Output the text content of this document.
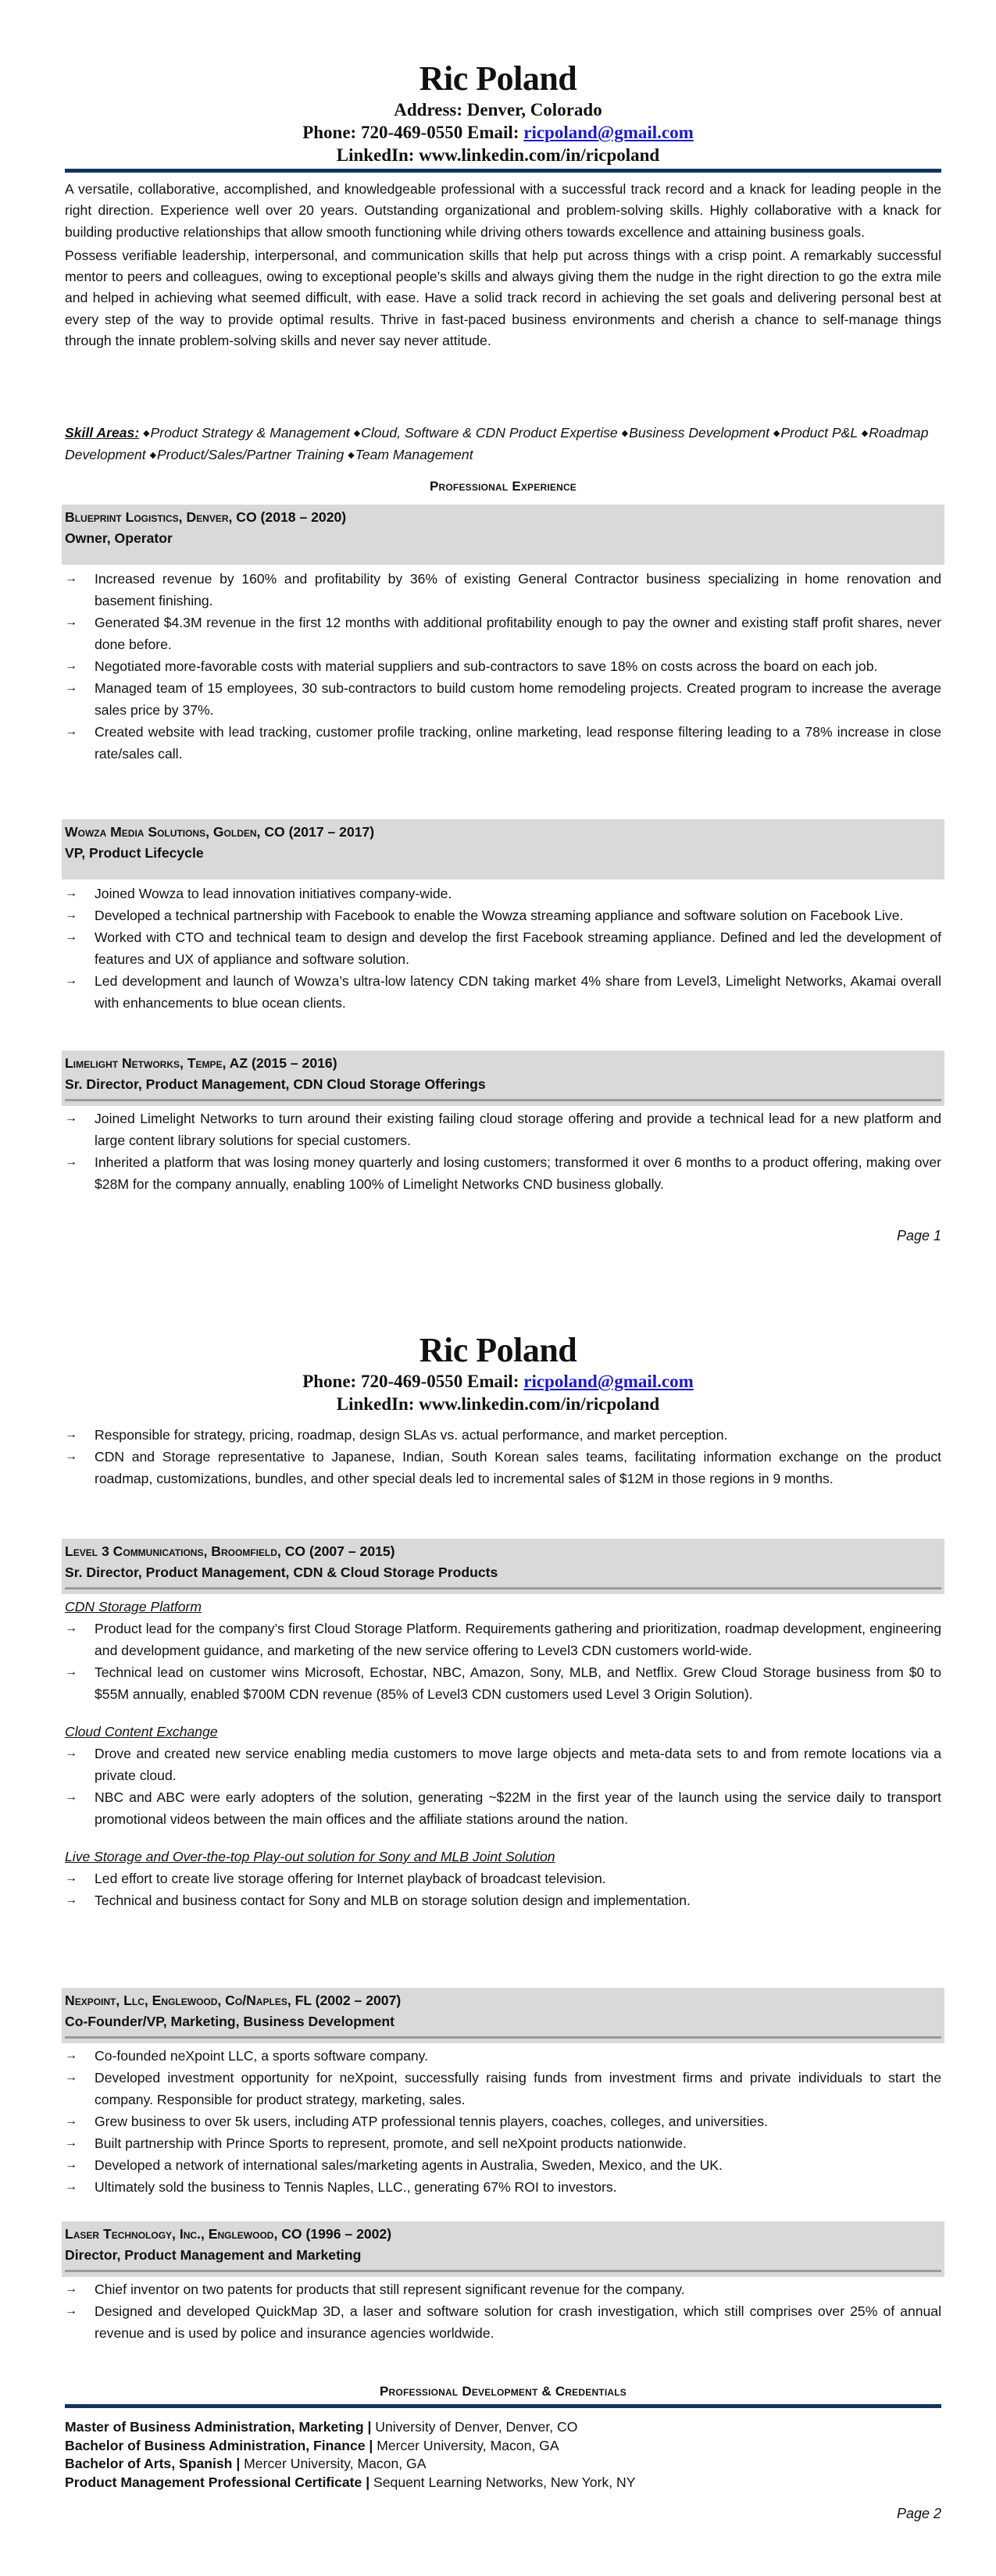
Ric Poland
Address: Denver, Colorado
Phone: 720-469-0550 Email: ricpoland@gmail.com
LinkedIn: www.linkedin.com/in/ricpoland

A versatile, collaborative, accomplished, and knowledgeable professional with a successful track record and a knack for leading people in the right direction. Experience well over 20 years. Outstanding organizational and problem-solving skills. Highly collaborative with a knack for building productive relationships that allow smooth functioning while driving others towards excellence and attaining business goals.

Possess verifiable leadership, interpersonal, and communication skills that help put across things with a crisp point. A remarkably successful mentor to peers and colleagues, owing to exceptional people’s skills and always giving them the nudge in the right direction to go the extra mile and helped in achieving what seemed difficult, with ease. Have a solid track record in achieving the set goals and delivering personal best at every step of the way to provide optimal results. Thrive in fast-paced business environments and cherish a chance to self-manage things through the innate problem-solving skills and never say never attitude.

Skill Areas: ◆Product Strategy & Management ◆Cloud, Software & CDN Product Expertise ◆Business Development ◆Product P&L ◆Roadmap Development ◆Product/Sales/Partner Training ◆Team Management
Professional Experience
Blueprint Logistics, Denver, CO (2018 – 2020)
Owner, Operator
→ Increased revenue by 160% and profitability by 36% of existing General Contractor business specializing in home renovation and basement finishing.
→ Generated $4.3M revenue in the first 12 months with additional profitability enough to pay the owner and existing staff profit shares, never done before.
→ Negotiated more-favorable costs with material suppliers and sub-contractors to save 18% on costs across the board on each job.
→ Managed team of 15 employees, 30 sub-contractors to build custom home remodeling projects. Created program to increase the average sales price by 37%.
→ Created website with lead tracking, customer profile tracking, online marketing, lead response filtering leading to a 78% increase in close rate/sales call.
Wowza Media Solutions, Golden, CO (2017 – 2017)
VP, Product Lifecycle
→ Joined Wowza to lead innovation initiatives company-wide.
→ Developed a technical partnership with Facebook to enable the Wowza streaming appliance and software solution on Facebook Live.
→ Worked with CTO and technical team to design and develop the first Facebook streaming appliance. Defined and led the development of features and UX of appliance and software solution.
→ Led development and launch of Wowza’s ultra-low latency CDN taking market 4% share from Level3, Limelight Networks, Akamai overall with enhancements to blue ocean clients.
Limelight Networks, Tempe, AZ (2015 – 2016)
Sr. Director, Product Management, CDN Cloud Storage Offerings
→ Joined Limelight Networks to turn around their existing failing cloud storage offering and provide a technical lead for a new platform and large content library solutions for special customers.
→ Inherited a platform that was losing money quarterly and losing customers; transformed it over 6 months to a product offering, making over $28M for the company annually, enabling 100% of Limelight Networks CND business globally.
Page 1
Ric Poland
Phone: 720-469-0550 Email: ricpoland@gmail.com
LinkedIn: www.linkedin.com/in/ricpoland
→ Responsible for strategy, pricing, roadmap, design SLAs vs. actual performance, and market perception.
→ CDN and Storage representative to Japanese, Indian, South Korean sales teams, facilitating information exchange on the product roadmap, customizations, bundles, and other special deals led to incremental sales of $12M in those regions in 9 months.
Level 3 Communications, Broomfield, CO (2007 – 2015)
Sr. Director, Product Management, CDN & Cloud Storage Products
CDN Storage Platform
→ Product lead for the company’s first Cloud Storage Platform. Requirements gathering and prioritization, roadmap development, engineering and development guidance, and marketing of the new service offering to Level3 CDN customers world-wide.
→ Technical lead on customer wins Microsoft, Echostar, NBC, Amazon, Sony, MLB, and Netflix. Grew Cloud Storage business from $0 to $55M annually, enabled $700M CDN revenue (85% of Level3 CDN customers used Level 3 Origin Solution).
Cloud Content Exchange
→ Drove and created new service enabling media customers to move large objects and meta-data sets to and from remote locations via a private cloud.
→ NBC and ABC were early adopters of the solution, generating ~$22M in the first year of the launch using the service daily to transport promotional videos between the main offices and the affiliate stations around the nation.
Live Storage and Over-the-top Play-out solution for Sony and MLB Joint Solution
→ Led effort to create live storage offering for Internet playback of broadcast television.
→ Technical and business contact for Sony and MLB on storage solution design and implementation.
Nexpoint, Llc, Englewood, Co/Naples, FL (2002 – 2007)
Co-Founder/VP, Marketing, Business Development
→ Co-founded neXpoint LLC, a sports software company.
→ Developed investment opportunity for neXpoint, successfully raising funds from investment firms and private individuals to start the company. Responsible for product strategy, marketing, sales.
→ Grew business to over 5k users, including ATP professional tennis players, coaches, colleges, and universities.
→ Built partnership with Prince Sports to represent, promote, and sell neXpoint products nationwide.
→ Developed a network of international sales/marketing agents in Australia, Sweden, Mexico, and the UK.
→ Ultimately sold the business to Tennis Naples, LLC., generating 67% ROI to investors.
Laser Technology, Inc., Englewood, CO (1996 – 2002)
Director, Product Management and Marketing
→ Chief inventor on two patents for products that still represent significant revenue for the company.
→ Designed and developed QuickMap 3D, a laser and software solution for crash investigation, which still comprises over 25% of annual revenue and is used by police and insurance agencies worldwide.
Professional Development & Credentials
Master of Business Administration, Marketing | University of Denver, Denver, CO
Bachelor of Business Administration, Finance | Mercer University, Macon, GA
Bachelor of Arts, Spanish | Mercer University, Macon, GA
Product Management Professional Certificate | Sequent Learning Networks, New York, NY
Page 2
